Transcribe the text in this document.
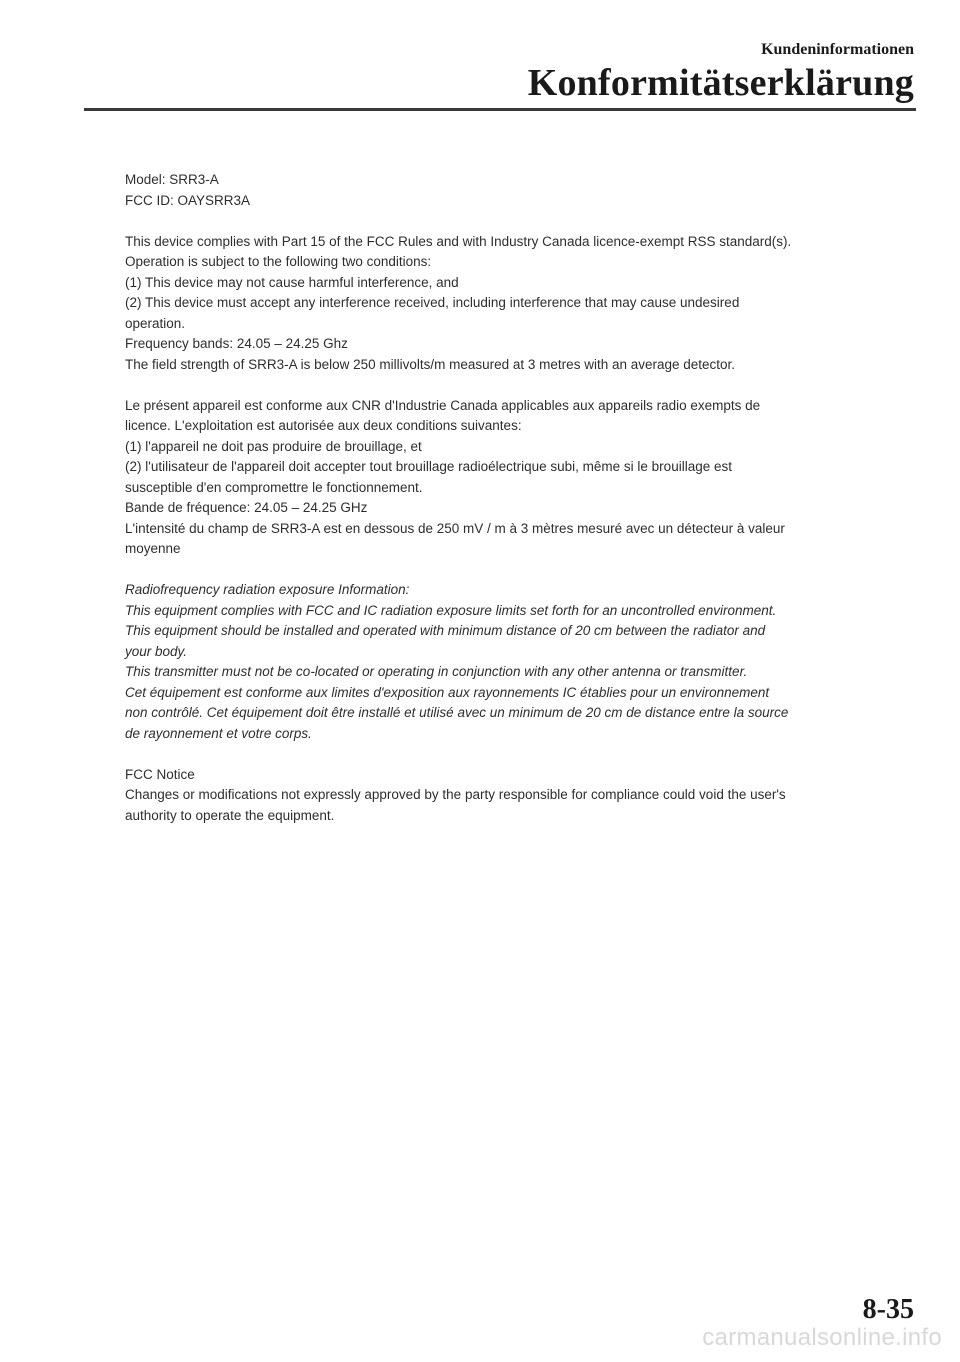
Kundeninformationen
Konformitätserklärung

Model: SRR3-A
FCC ID: OAYSRR3A

This device complies with Part 15 of the FCC Rules and with Industry Canada licence-exempt RSS standard(s).
Operation is subject to the following two conditions:
(1) This device may not cause harmful interference, and
(2) This device must accept any interference received, including interference that may cause undesired
operation.
Frequency bands: 24.05 – 24.25 Ghz
The field strength of SRR3-A is below 250 millivolts/m measured at 3 metres with an average detector.

Le présent appareil est conforme aux CNR d'Industrie Canada applicables aux appareils radio exempts de
licence. L'exploitation est autorisée aux deux conditions suivantes:
(1) l'appareil ne doit pas produire de brouillage, et
(2) l'utilisateur de l'appareil doit accepter tout brouillage radioélectrique subi, même si le brouillage est
susceptible d'en compromettre le fonctionnement.
Bande de fréquence: 24.05 – 24.25 GHz
L'intensité du champ de SRR3-A est en dessous de 250 mV / m à 3 mètres mesuré avec un détecteur à valeur
moyenne

Radiofrequency radiation exposure Information:
This equipment complies with FCC and IC radiation exposure limits set forth for an uncontrolled environment.
This equipment should be installed and operated with minimum distance of 20 cm between the radiator and
your body.
This transmitter must not be co-located or operating in conjunction with any other antenna or transmitter.
Cet équipement est conforme aux limites d'exposition aux rayonnements IC établies pour un environnement
non contrôlé. Cet équipement doit être installé et utilisé avec un minimum de 20 cm de distance entre la source
de rayonnement et votre corps.

FCC Notice
Changes or modifications not expressly approved by the party responsible for compliance could void the user's
authority to operate the equipment.

8-35
carmanualsonline.info
